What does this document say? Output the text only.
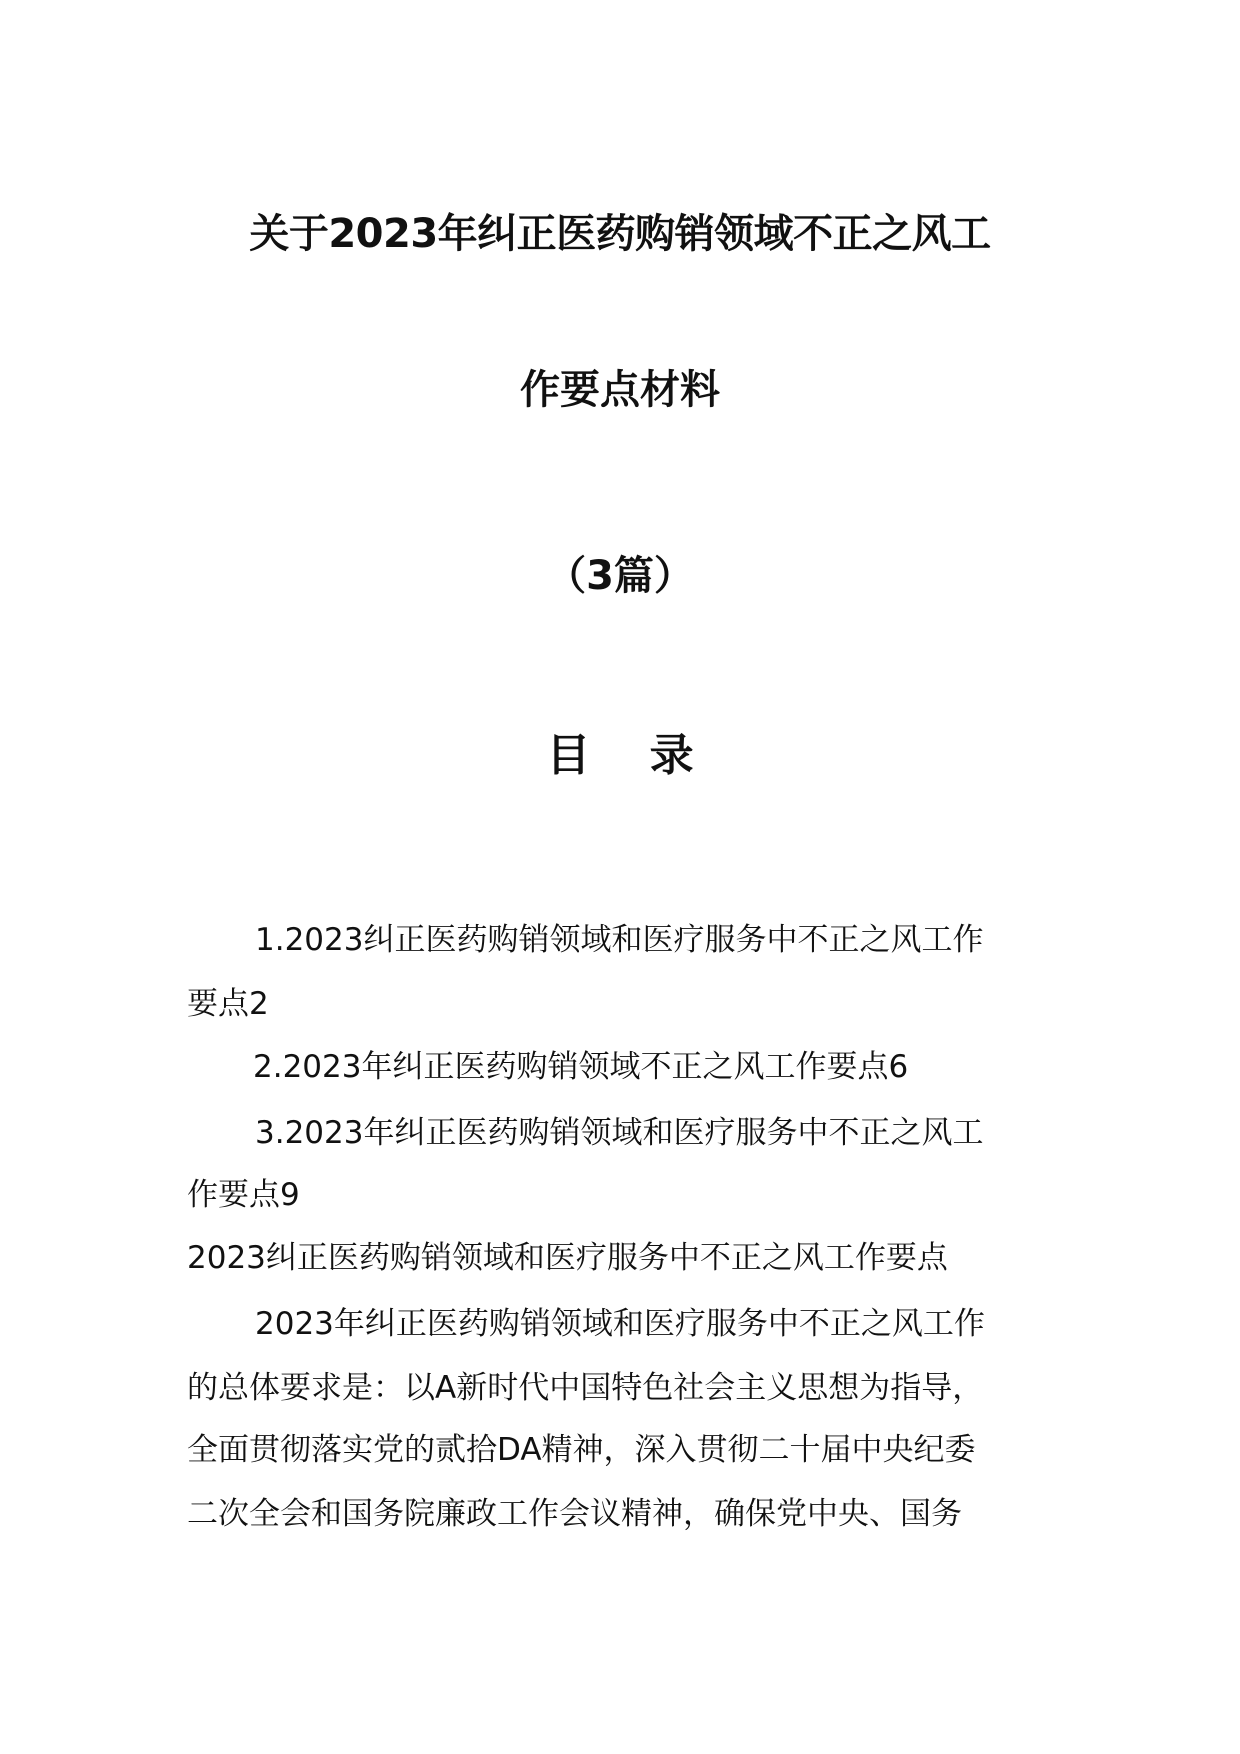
关于2023年纠正医药购销领域不正之风工
作要点材料
（3篇）
目 录
1.2023纠正医药购销领域和医疗服务中不正之风工作
要点2
2.2023年纠正医药购销领域不正之风工作要点6
3.2023年纠正医药购销领域和医疗服务中不正之风工
作要点9
2023纠正医药购销领域和医疗服务中不正之风工作要点
2023年纠正医药购销领域和医疗服务中不正之风工作
的总体要求是：以A新时代中国特色社会主义思想为指导，
全面贯彻落实党的贰拾DA精神，深入贯彻二十届中央纪委
二次全会和国务院廉政工作会议精神，确保党中央、国务
